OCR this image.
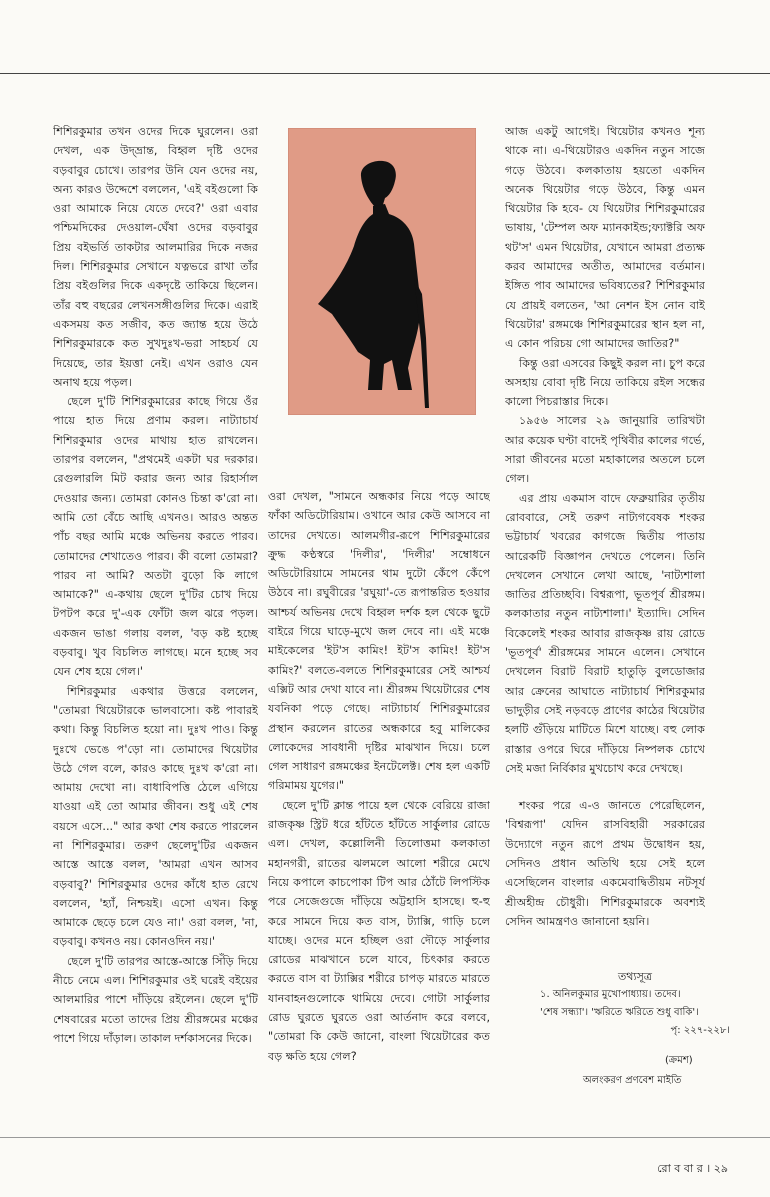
শিশিরকুমার তখন ওদের দিকে ঘুরলেন। ওরা দেখল, এক উদ্‌ভ্রান্ত, বিহ্বল দৃষ্টি ওদের বড়বাবুর চোখে। তারপর উনি যেন ওদের নয়, অন্য কারও উদ্দেশে বললেন, 'এই বইগুলো কি ওরা আমাকে নিয়ে যেতে দেবে?' ওরা এবার পশ্চিমদিকের দেওয়াল-ঘেঁষা ওদের বড়বাবুর প্রিয় বইভর্তি তাকটার আলমারির দিকে নজর দিল। শিশিরকুমার সেখানে যত্নভরে রাখা তাঁর প্রিয় বইগুলির দিকে একদৃষ্টে তাকিয়ে ছিলেন। তাঁর বহু বছরের লেখনসঙ্গীগুলির দিকে। এরাই একসময় কত সজীব, কত জ্যান্ত হয়ে উঠে শিশিরকুমারকে কত সুখদুঃখ-ভরা সাহচর্য যে দিয়েছে, তার ইয়ত্তা নেই। এখন ওরাও যেন অনাথ হয়ে পড়ল।

ছেলে দু'টি শিশিরকুমারের কাছে গিয়ে ওঁর পায়ে হাত দিয়ে প্রণাম করল। নাট্যাচার্য শিশিরকুমার ওদের মাথায় হাত রাখলেন। তারপর বললেন, "প্রথমেই একটা ঘর দরকার। রেগুলারলি মিট করার জন্য আর রিহার্সাল দেওয়ার জন্য। তোমরা কোনও চিন্তা ক'রো না। আমি তো বেঁচে আছি এখনও। আরও অন্তত পাঁচ বছর আমি মঞ্চে অভিনয় করতে পারব। তোমাদের শেখাতেও পারব। কী বলো তোমরা? পারব না আমি? অতটা বুড়ো কি লাগে আমাকে?" এ-কথায় ছেলে দু'টির চোখ দিয়ে টপটপ করে দু'-এক ফোঁটা জল ঝরে পড়ল। একজন ভাঙা গলায় বলল, 'বড় কষ্ট হচ্ছে বড়বাবু। খুব বিচলিত লাগছে। মনে হচ্ছে সব যেন শেষ হয়ে গেল।'

শিশিরকুমার একথার উত্তরে বললেন, "তোমরা থিয়েটারকে ভালবাসো। কষ্ট পাবারই কথা। কিন্তু বিচলিত হয়ো না। দুঃখ পাও। কিন্তু দুঃখে ভেঙে প'ড়ো না। তোমাদের থিয়েটার উঠে গেল বলে, কারও কাছে দুঃখ ক'রো না। আমায় দেখো না। বাধাবিপত্তি ঠেলে এগিয়ে যাওয়া এই তো আমার জীবন। শুধু এই শেষ বয়সে এসে..." আর কথা শেষ করতে পারলেন না শিশিরকুমার। তরুণ ছেলেদু'টির একজন আস্তে আস্তে বলল, 'আমরা এখন আসব বড়বাবু?' শিশিরকুমার ওদের কাঁধে হাত রেখে বললেন, 'হ্যাঁ, নিশ্চয়ই। এসো এখন। কিন্তু আমাকে ছেড়ে চলে যেও না।' ওরা বলল, 'না, বড়বাবু। কখনও নয়। কোনওদিন নয়।'

ছেলে দু'টি তারপর আস্তে-আস্তে সিঁড়ি দিয়ে নীচে নেমে এল। শিশিরকুমার ওই ঘরেই বইয়ের আলমারির পাশে দাঁড়িয়ে রইলেন। ছেলে দু'টি শেষবারের মতো তাদের প্রিয় শ্রীরঙ্গমের মঞ্চের পাশে গিয়ে দাঁড়াল। তাকাল দর্শকাসনের দিকে।

ওরা দেখল, "সামনে অন্ধকার নিয়ে পড়ে আছে ফাঁকা অডিটোরিয়াম। ওখানে আর কেউ আসবে না তাদের দেখতে। আলমগীর-রূপে শিশিরকুমারের ক্রুদ্ধ কণ্ঠস্বরে 'দিলীর', 'দিলীর' সম্বোধনে অডিটোরিয়ামে সামনের থাম দুটো কেঁপে কেঁপে উঠবে না। রঘুবীরের 'রঘুয়া'-তে রূপান্তরিত হওয়ার আশ্চর্য অভিনয় দেখে বিহ্বল দর্শক হল থেকে ছুটে বাইরে গিয়ে ঘাড়ে-মুখে জল দেবে না। এই মঞ্চে মাইকেলের 'ইট'স কামিং! ইট'স কামিং! ইট'স কামিং?' বলতে-বলতে শিশিরকুমারের সেই আশ্চর্য এক্সিট আর দেখা যাবে না। শ্রীরঙ্গম থিয়েটারের শেষ যবনিকা পড়ে গেছে। নাট্যাচার্য শিশিরকুমারের প্রস্থান করলেন রাতের অন্ধকারে হবু মালিকের লোকেদের সাবধানী দৃষ্টির মাঝখান দিয়ে। চলে গেল সাধারণ রঙ্গমঞ্চের ইনটেলেক্ট। শেষ হল একটি গরিমাময় যুগের।"

ছেলে দু'টি ক্লান্ত পায়ে হল থেকে বেরিয়ে রাজা রাজকৃষ্ণ স্ট্রিট ধরে হাঁটতে হাঁটতে সার্কুলার রোডে এল। দেখল, কল্লোলিনী তিলোত্তমা কলকাতা মহানগরী, রাতের ঝলমলে আলো শরীরে মেখে নিয়ে কপালে কাচপোকা টিপ আর ঠোঁটে লিপস্টিক পরে সেজেগুজে দাঁড়িয়ে অট্টহাসি হাসছে। হু-হু করে সামনে দিয়ে কত বাস, ট্যাক্সি, গাড়ি চলে যাচ্ছে। ওদের মনে হচ্ছিল ওরা দৌড়ে সার্কুলার রোডের মাঝখানে চলে যাবে, চিৎকার করতে করতে বাস বা ট্যাক্সির শরীরে চাপড় মারতে মারতে যানবাহনগুলোকে থামিয়ে দেবে। গোটা সার্কুলার রোড ঘুরতে ঘুরতে ওরা আর্তনাদ করে বলবে, "তোমরা কি কেউ জানো, বাংলা থিয়েটারের কত বড় ক্ষতি হয়ে গেল?

আজ একটু আগেই। থিয়েটার কখনও শূন্য থাকে না। এ-থিয়েটারও একদিন নতুন সাজে গড়ে উঠবে। কলকাতায় হয়তো একদিন অনেক থিয়েটার গড়ে উঠবে, কিন্তু এমন থিয়েটার কি হবে- যে থিয়েটার শিশিরকুমারের ভাষায়, 'টেম্পল অফ ম্যানকাইন্ড;ফ্যাক্টরি অফ থট'স' এমন থিয়েটার, যেখানে আমরা প্রত্যক্ষ করব আমাদের অতীত, আমাদের বর্তমান। ইঙ্গিত পাব আমাদের ভবিষ্যতের? শিশিরকুমার যে প্রায়ই বলতেন, 'আ নেশন ইস নোন বাই থিয়েটার' রঙ্গমঞ্চে শিশিরকুমারের স্থান হল না, এ কোন পরিচয় গো আমাদের জাতির?"

কিন্তু ওরা এসবের কিছুই করল না। চুপ করে অসহায় বোবা দৃষ্টি নিয়ে তাকিয়ে রইল সন্ধের কালো পিচরাস্তার দিকে।

১৯৫৬ সালের ২৯ জানুয়ারি তারিখটা আর কয়েক ঘণ্টা বাদেই পৃথিবীর কালের গর্ভে, সারা জীবনের মতো মহাকালের অতলে চলে গেল।

এর প্রায় একমাস বাদে ফেব্রুয়ারির তৃতীয় রোববারে, সেই তরুণ নাট্যগবেষক শংকর ভট্টাচার্য খবরের কাগজে দ্বিতীয় পাতায় আরেকটি বিজ্ঞাপন দেখতে পেলেন। তিনি দেখলেন সেখানে লেখা আছে, 'নাট্যশালা জাতির প্রতিচ্ছবি। বিশ্বরূপা, ভূতপূর্ব শ্রীরঙ্গম। কলকাতার নতুন নাট্যশালা।' ইত্যাদি। সেদিন বিকেলেই শংকর আবার রাজকৃষ্ণ রায় রোডে 'ভূতপূর্ব' শ্রীরঙ্গমের সামনে এলেন। সেখানে দেখলেন বিরাট বিরাট হাতুড়ি বুলডোজার আর ক্রেনের আঘাতে নাট্যাচার্য শিশিরকুমার ভাদুড়ীর সেই নড়বড়ে প্রাণের কাঠের থিয়েটার হলটি গুঁড়িয়ে মাটিতে মিশে যাচ্ছে। বহু লোক রাস্তার ওপরে ঘিরে দাঁড়িয়ে নিষ্পলক চোখে সেই মজা নির্বিকার মুখচোখ করে দেখছে।

শংকর পরে এ-ও জানতে পেরেছিলেন, 'বিশ্বরূপা' যেদিন রাসবিহারী সরকারের উদ্যোগে নতুন রূপে প্রথম উদ্বোধন হয়, সেদিনও প্রধান অতিথি হয়ে সেই হলে এসেছিলেন বাংলার একমেবাদ্বিতীয়ম নটসূর্য শ্রীঅহীন্দ্র চৌধুরী। শিশিরকুমারকে অবশ্যই সেদিন আমন্ত্রণও জানানো হয়নি।

তথ্যসূত্র
১. অনিলকুমার মুখোপাধ্যায়। তদেব।
'শেষ সন্ধ্যা'। 'ঋরিতে ঋরিতে শুধু বাকি'।
পৃ: ২২৭-২২৮।
(ক্রমশ)
অলংকরণ প্রণবেশ মাইতি
রো ব বা র । ২৯
